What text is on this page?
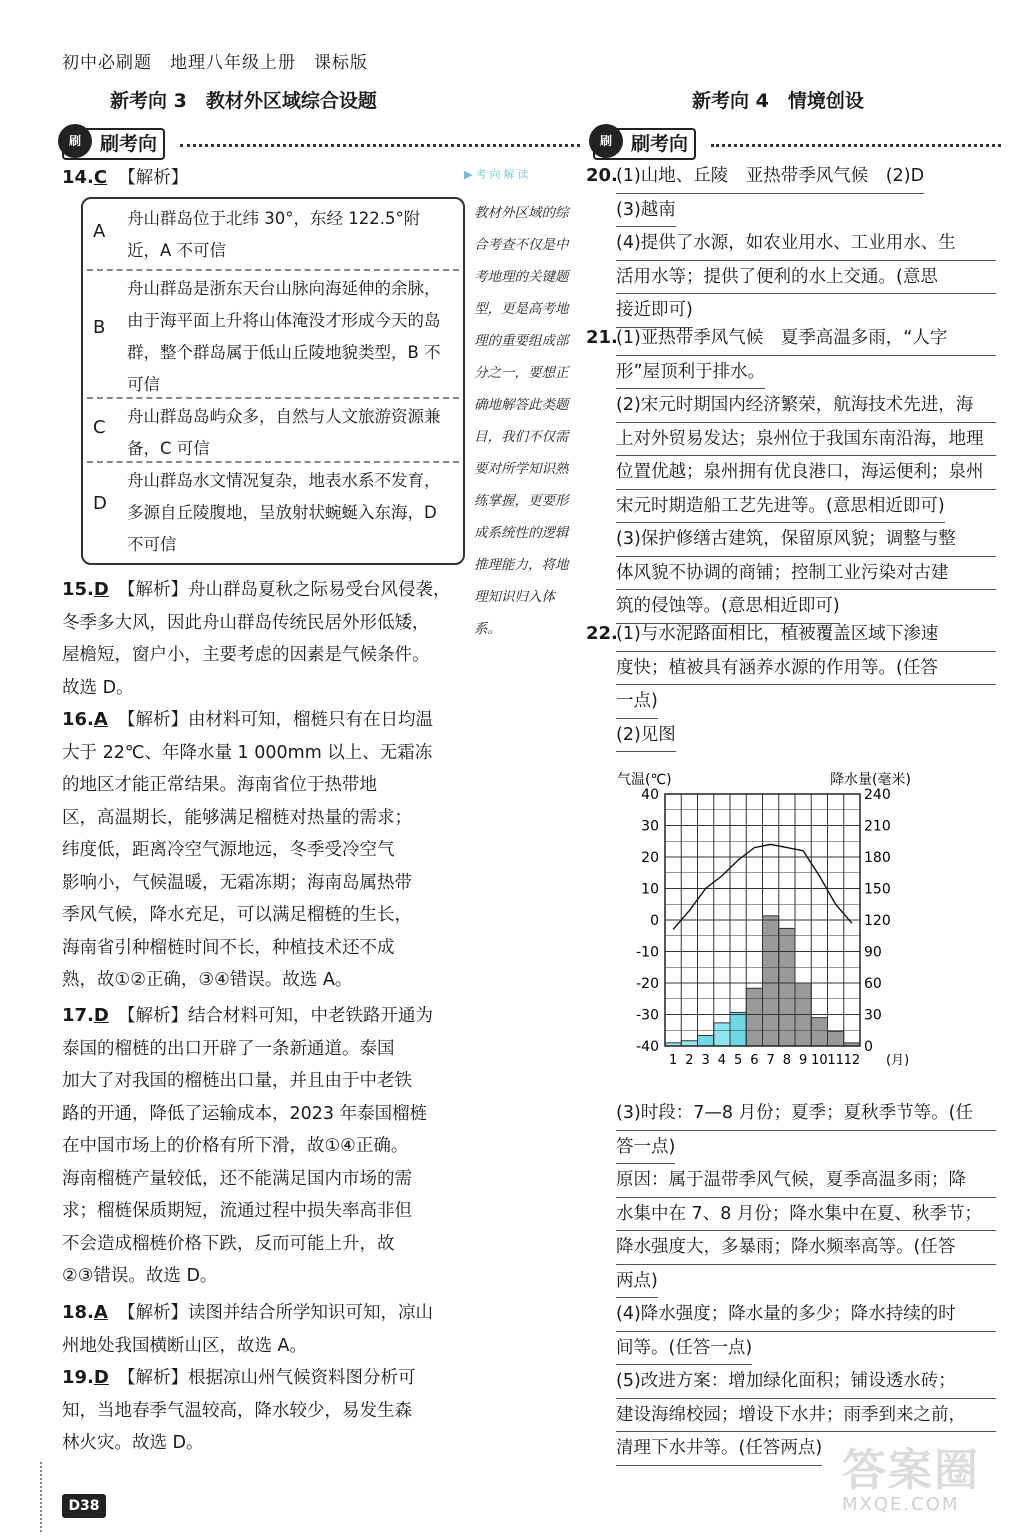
初中必刷题　地理八年级上册　课标版
新考向 3　教材外区域综合设题	新考向 4　情境创设
刷	刷考向	刷	刷考向
▶考向解读
14.C 【解析】
A
舟山群岛位于北纬 30°，东经 122.5°附近，A 不可信
B
舟山群岛是浙东天台山脉向海延伸的余脉，由于海平面上升将山体淹没才形成今天的岛群，整个群岛属于低山丘陵地貌类型，B 不可信
C
舟山群岛岛屿众多，自然与人文旅游资源兼备，C 可信
D
舟山群岛水文情况复杂，地表水系不发育，多源自丘陵腹地，呈放射状蜿蜒入东海，D 不可信
教材外区域的综合考查不仅是中考地理的关键题型，更是高考地理的重要组成部分之一，要想正确地解答此类题目，我们不仅需要对所学知识熟练掌握，更要形成系统性的逻辑推理能力，将地理知识归入体系。
15.D 【解析】舟山群岛夏秋之际易受台风侵袭，
冬季多大风，因此舟山群岛传统民居外形低矮，
屋檐短，窗户小，主要考虑的因素是气候条件。
故选 D。
16.A 【解析】由材料可知，榴梿只有在日均温
大于 22℃、年降水量 1 000mm 以上、无霜冻
的地区才能正常结果。海南省位于热带地
区，高温期长，能够满足榴梿对热量的需求；
纬度低，距离冷空气源地远，冬季受冷空气
影响小，气候温暖，无霜冻期；海南岛属热带
季风气候，降水充足，可以满足榴梿的生长，
海南省引种榴梿时间不长，种植技术还不成
熟，故①②正确，③④错误。故选 A。
17.D 【解析】结合材料可知，中老铁路开通为
泰国的榴梿的出口开辟了一条新通道。泰国
加大了对我国的榴梿出口量，并且由于中老铁
路的开通，降低了运输成本，2023 年泰国榴梿
在中国市场上的价格有所下滑，故①④正确。
海南榴梿产量较低，还不能满足国内市场的需
求；榴梿保质期短，流通过程中损失率高非但
不会造成榴梿价格下跌，反而可能上升，故
②③错误。故选 D。
18.A 【解析】读图并结合所学知识可知，凉山
州地处我国横断山区，故选 A。
19.D 【解析】根据凉山州气候资料图分析可
知，当地春季气温较高，降水较少，易发生森
林火灾。故选 D。
20.
(1)山地、丘陵　亚热带季风气候　(2)D
(3)越南
(4)提供了水源，如农业用水、工业用水、生
活用水等；提供了便利的水上交通。(意思
接近即可)
21.
(1)亚热带季风气候　夏季高温多雨，“人字
形”屋顶利于排水。
(2)宋元时期国内经济繁荣，航海技术先进，海
上对外贸易发达；泉州位于我国东南沿海，地理
位置优越；泉州拥有优良港口，海运便利；泉州
宋元时期造船工艺先进等。(意思相近即可)
(3)保护修缮古建筑，保留原风貌；调整与整
体风貌不协调的商铺；控制工业污染对古建
筑的侵蚀等。(意思相近即可)
22.
(1)与水泥路面相比，植被覆盖区域下渗速
度快；植被具有涵养水源的作用等。(任答
一点)
(2)见图
40
30
20
10
0
-10
-20
-30
-40
240
210
180
150
120
90
60
30
0
1 2 3 4 5 6 7 8 9 10 11 12 (月)
气温(℃)	降水量(毫米)
(3)时段：7—8 月份；夏季；夏秋季节等。(任
答一点)
原因：属于温带季风气候，夏季高温多雨；降
水集中在 7、8 月份；降水集中在夏、秋季节；
降水强度大，多暴雨；降水频率高等。(任答
两点)
(4)降水强度；降水量的多少；降水持续的时
间等。(任答一点)
(5)改进方案：增加绿化面积；铺设透水砖；
建设海绵校园；增设下水井；雨季到来之前，
清理下水井等。(任答两点)
D38
答案圈
MXQE.COM
